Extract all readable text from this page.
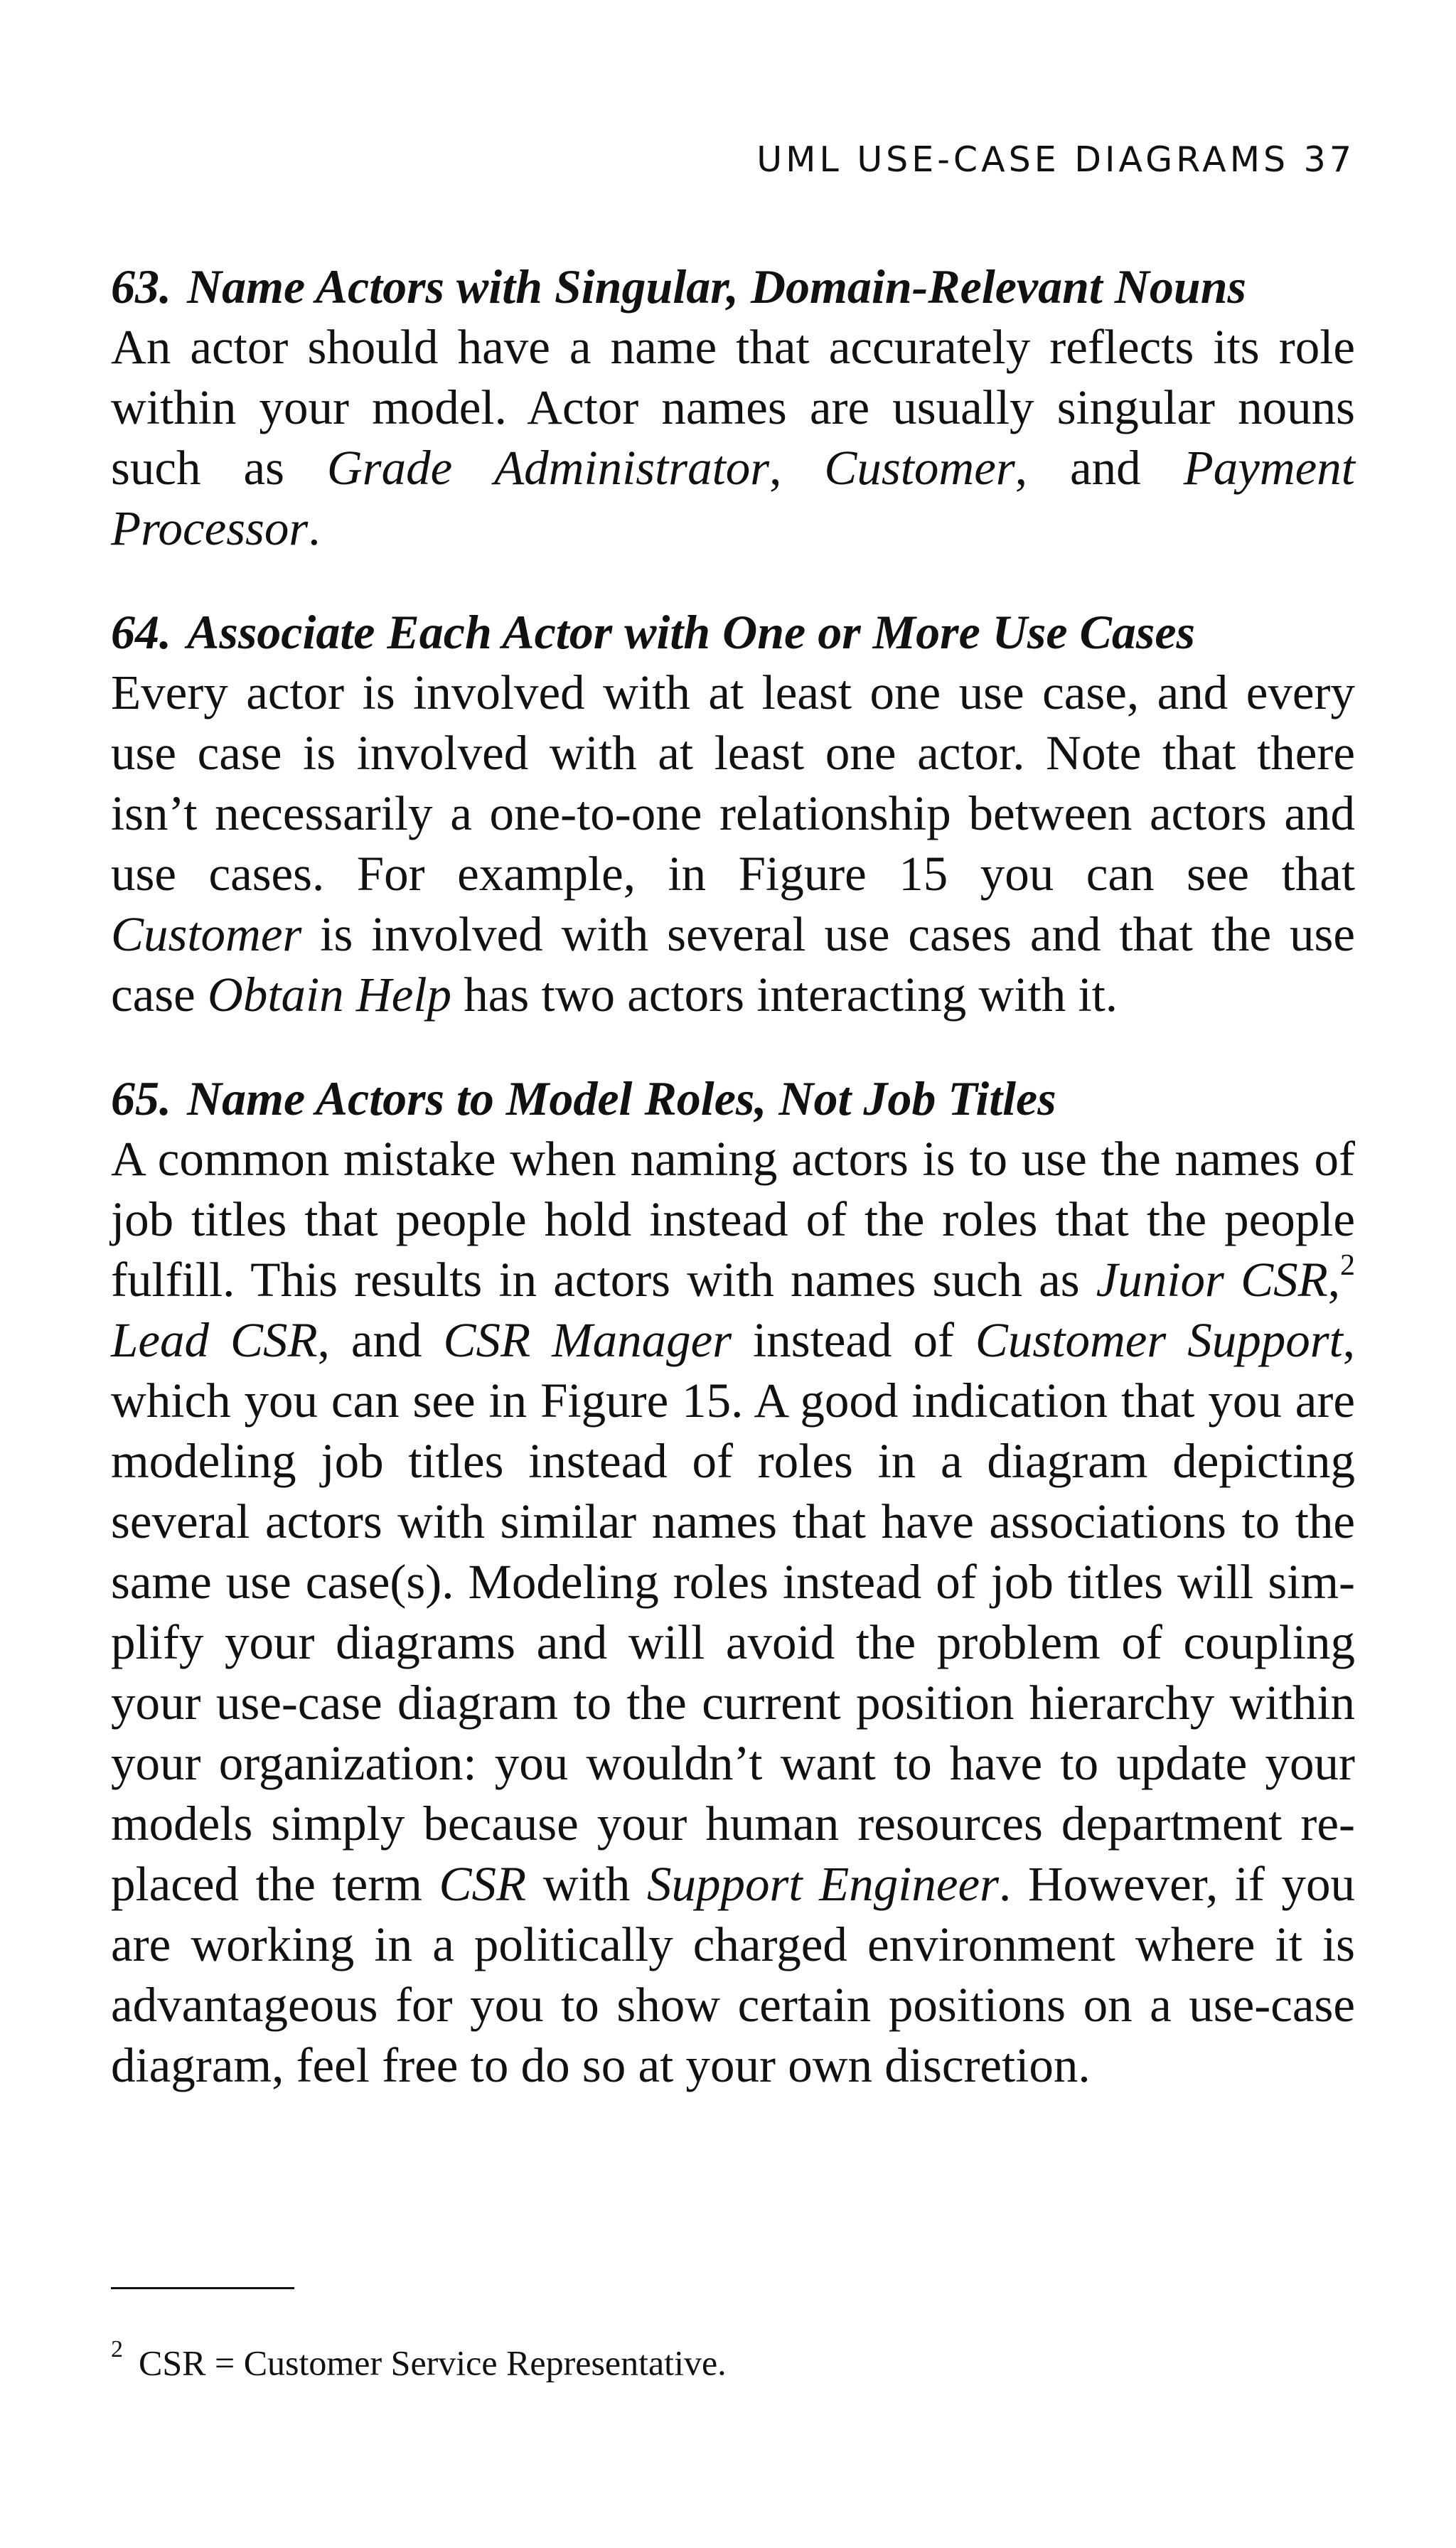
UML USE-CASE DIAGRAMS 37
63. Name Actors with Singular, Domain-Relevant Nouns

An actor should have a name that accurately reflects its role within your model. Actor names are usually singular nouns such as Grade Administrator, Customer, and Payment Processor.

64. Associate Each Actor with One or More Use Cases

Every actor is involved with at least one use case, and every use case is involved with at least one actor. Note that there isn’t necessarily a one-to-one relationship between actors and use cases. For example, in Figure 15 you can see that Customer is involved with several use cases and that the use case Obtain Help has two actors interacting with it.

65. Name Actors to Model Roles, Not Job Titles

A common mistake when naming actors is to use the names of job titles that people hold instead of the roles that the people fulfill. This results in actors with names such as Junior CSR,$^2$ Lead CSR, and CSR Manager instead of Customer Support, which you can see in Figure 15. A good indication that you are modeling job titles instead of roles in a diagram depicting several actors with similar names that have associations to the same use case(s). Modeling roles instead of job titles will simplify your diagrams and will avoid the problem of coupling your use-case diagram to the current position hierarchy within your organization: you wouldn’t want to have to update your models simply because your human resources department replaced the term CSR with Support Engineer. However, if you are working in a politically charged environment where it is advantageous for you to show certain positions on a use-case diagram, feel free to do so at your own discretion.

$^2$ CSR = Customer Service Representative.
